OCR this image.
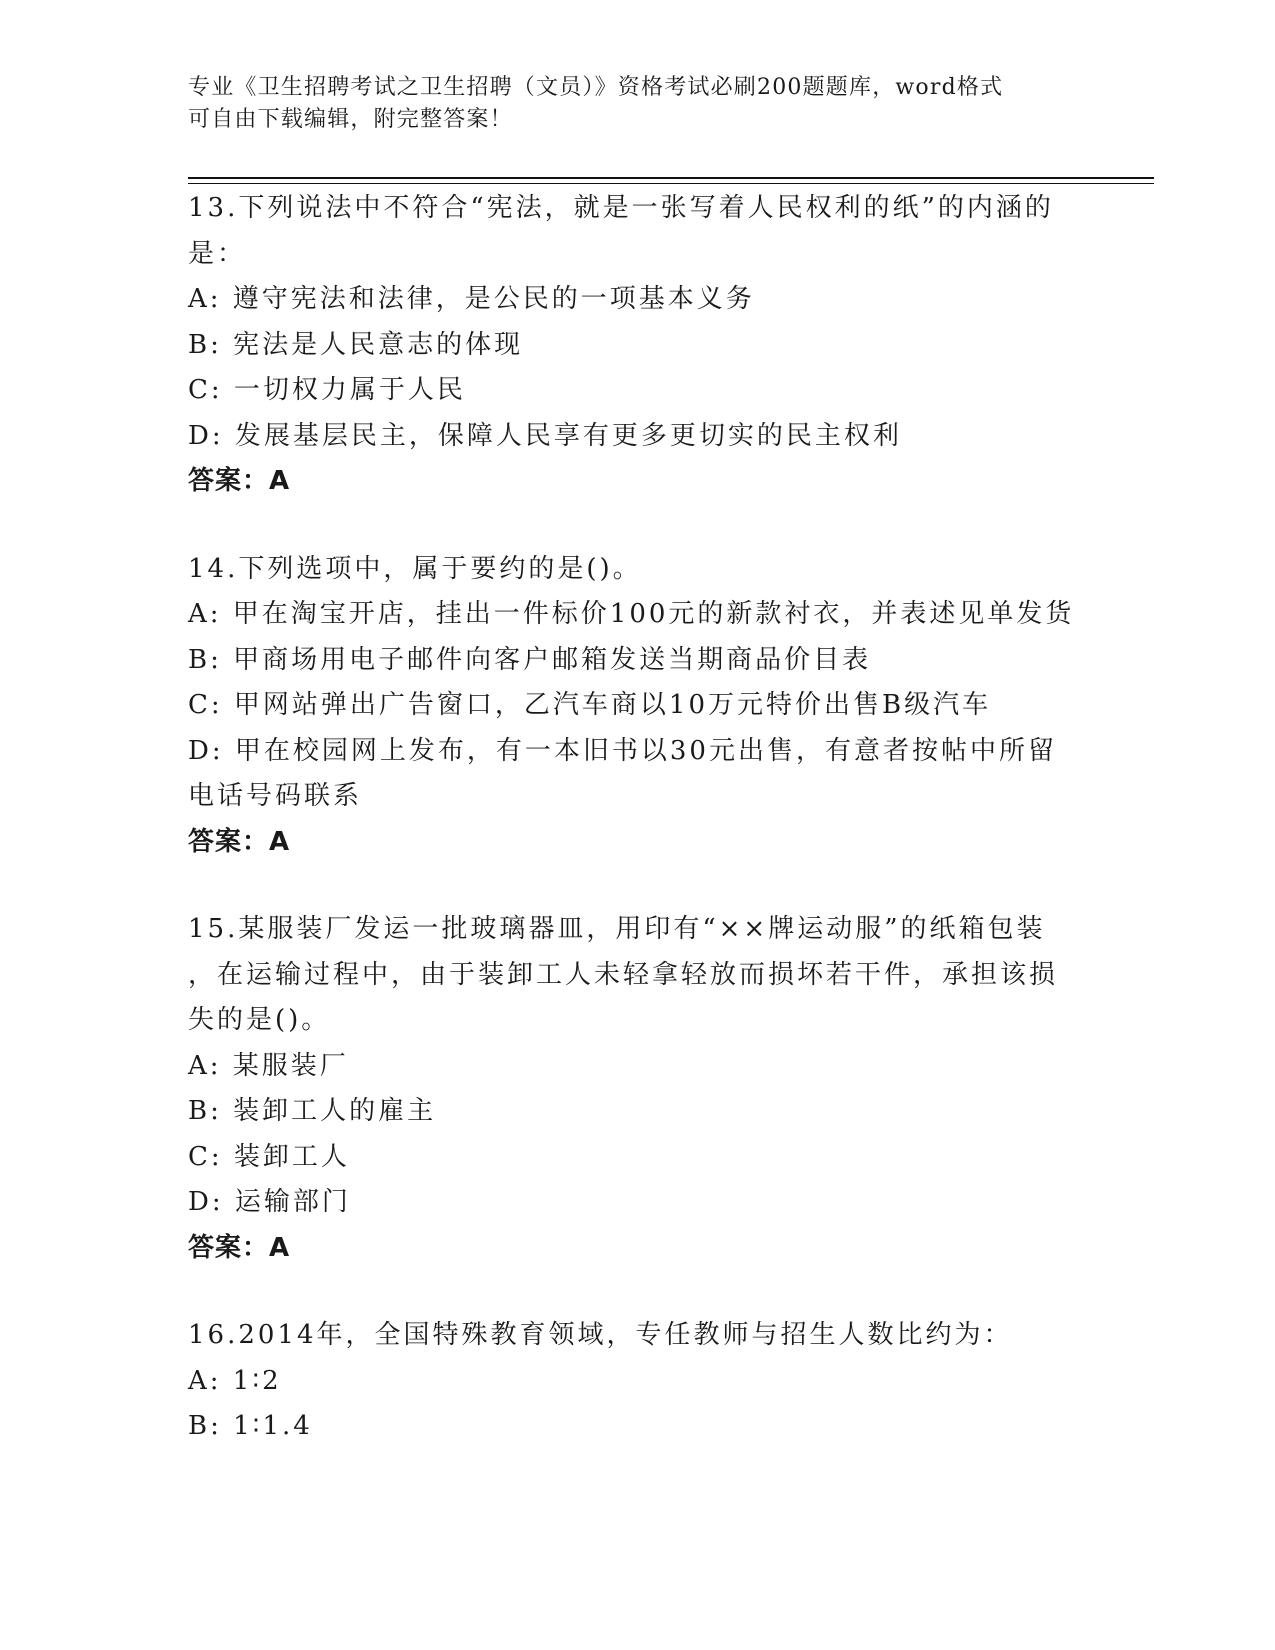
专业《卫生招聘考试之卫生招聘（文员）》资格考试必刷200题题库，word格式
可自由下载编辑，附完整答案！
13.下列说法中不符合“宪法，就是一张写着人民权利的纸”的内涵的
是：
A: 遵守宪法和法律，是公民的一项基本义务
B: 宪法是人民意志的体现
C: 一切权力属于人民
D: 发展基层民主，保障人民享有更多更切实的民主权利
答案：A
14.下列选项中，属于要约的是()。
A: 甲在淘宝开店，挂出一件标价100元的新款衬衣，并表述见单发货
B: 甲商场用电子邮件向客户邮箱发送当期商品价目表
C: 甲网站弹出广告窗口，乙汽车商以10万元特价出售B级汽车
D: 甲在校园网上发布，有一本旧书以30元出售，有意者按帖中所留
电话号码联系
答案：A
15.某服装厂发运一批玻璃器皿，用印有“××牌运动服”的纸箱包装
，在运输过程中，由于装卸工人未轻拿轻放而损坏若干件，承担该损
失的是()。
A: 某服装厂
B: 装卸工人的雇主
C: 装卸工人
D: 运输部门
答案：A
16.2014年，全国特殊教育领域，专任教师与招生人数比约为：
A: 1∶2
B: 1∶1.4
